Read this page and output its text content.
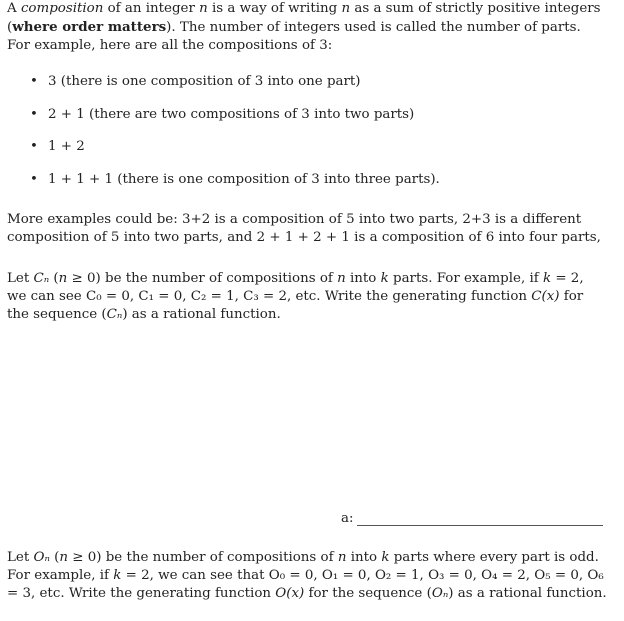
A composition of an integer n is a way of writing n as a sum of strictly positive integers (where order matters). The number of integers used is called the number of parts. For example, here are all the compositions of 3:

• 3 (there is one composition of 3 into one part)
• 2 + 1 (there are two compositions of 3 into two parts)
• 1 + 2
• 1 + 1 + 1 (there is one composition of 3 into three parts).

More examples could be: 3+2 is a composition of 5 into two parts, 2+3 is a different composition of 5 into two parts, and 2 + 1 + 2 + 1 is a composition of 6 into four parts,

Let Cₙ (n ≥ 0) be the number of compositions of n into k parts. For example, if k = 2, we can see C₀ = 0, C₁ = 0, C₂ = 1, C₃ = 2, etc. Write the generating function C(x) for the sequence (Cₙ) as a rational function.

a:

Let Oₙ (n ≥ 0) be the number of compositions of n into k parts where every part is odd. For example, if k = 2, we can see that O₀ = 0, O₁ = 0, O₂ = 1, O₃ = 0, O₄ = 2, O₅ = 0, O₆ = 3, etc. Write the generating function O(x) for the sequence (Oₙ) as a rational function.
